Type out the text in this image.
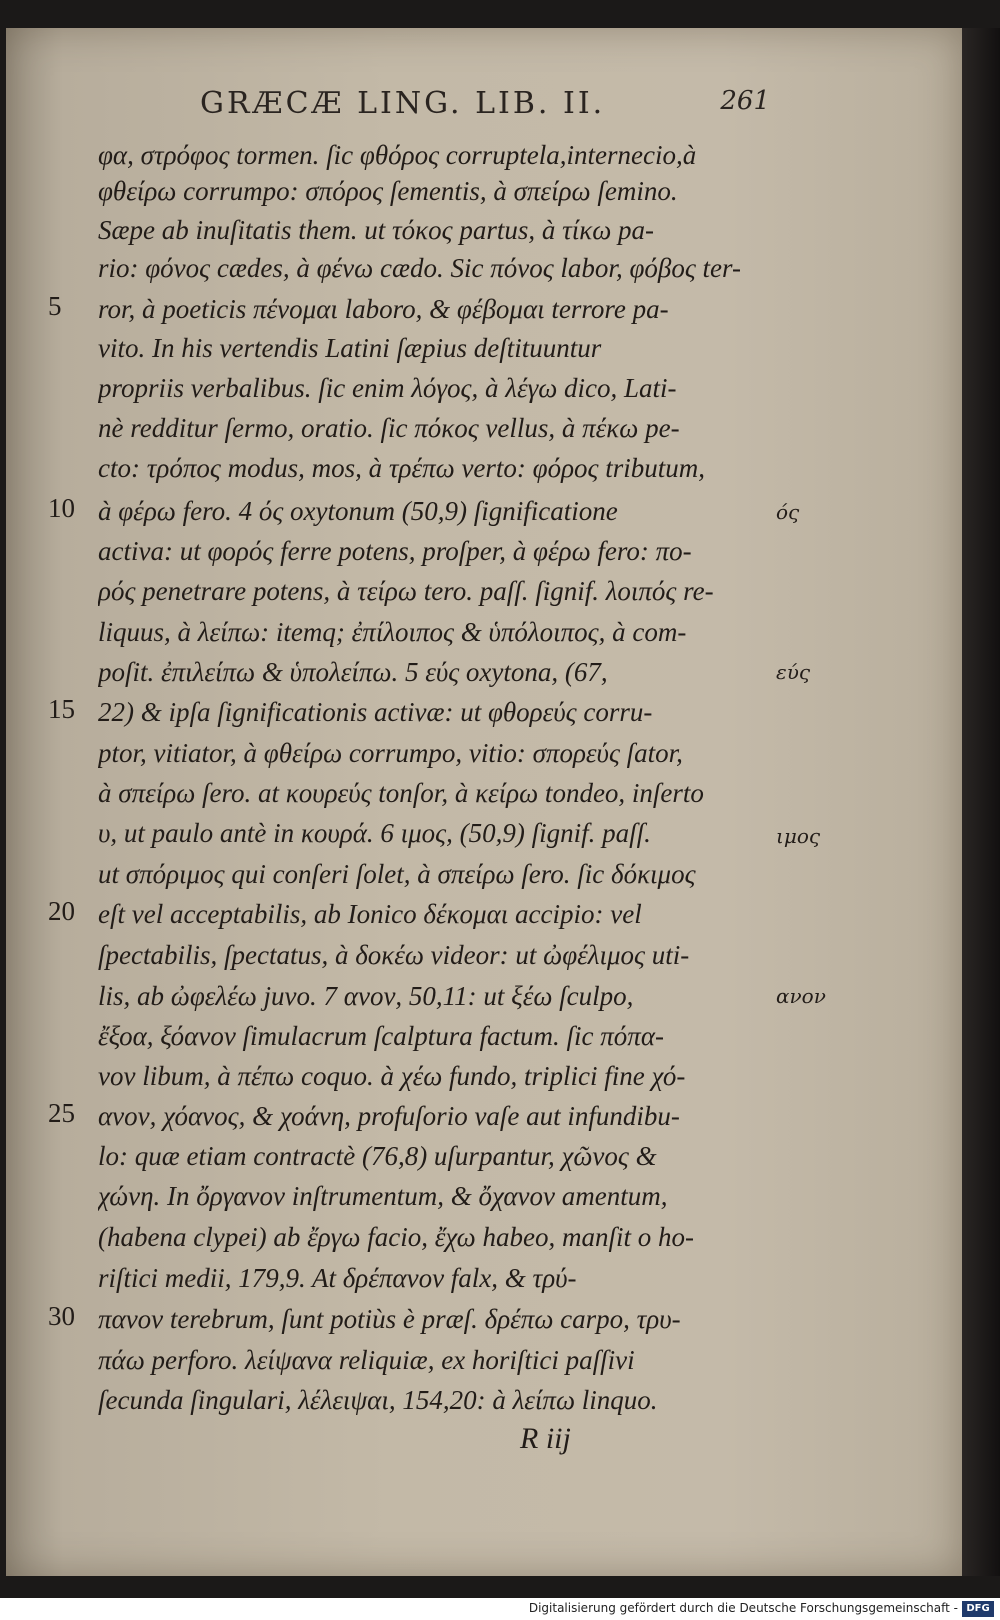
GRÆCÆ LING. LIB. II.	261
φα, στρόφος tormen. ſic φθόρος corruptela,internecio,à
φθείρω corrumpo: σπόρος ſementis, à σπείρω ſemino.
Sæpe ab inuſitatis them. ut τόκος partus, à τίκω pa-
rio: φόνος cædes, à φένω cædo. Sic πόνος labor, φόβος ter-
ror, à poeticis πένομαι laboro, & φέβομαι terrore pa-
vito. In his vertendis Latini ſæpius deſtituuntur
propriis verbalibus. ſic enim λόγος, à λέγω dico, Lati-
nè redditur ſermo, oratio. ſic πόκος vellus, à πέκω pe-
cto: τρόπος modus, mos, à τρέπω verto: φόρος tributum,
à φέρω fero. 4 ός oxytonum (50,9) ſignificatione
activa: ut φορός ferre potens, proſper, à φέρω fero: πο-
ρός penetrare potens, à τείρω tero. paſſ. ſignif. λοιπός re-
liquus, à λείπω: itemq; ἐπίλοιπος & ὑπόλοιπος, à com-
poſit. ἐπιλείπω & ὑπολείπω. 5 εύς oxytona, (67,
22) & ipſa ſignificationis activæ: ut φθορεύς corru-
ptor, vitiator, à φθείρω corrumpo, vitio: σπορεύς ſator,
à σπείρω ſero. at κουρεύς tonſor, à κείρω tondeo, inſerto
υ, ut paulo antè in κουρά. 6 ιμος, (50,9) ſignif. paſſ.
ut σπόριμος qui conſeri ſolet, à σπείρω ſero. ſic δόκιμος
eſt vel acceptabilis, ab Ionico δέκομαι accipio: vel
ſpectabilis, ſpectatus, à δοκέω videor: ut ὠφέλιμος uti-
lis, ab ὠφελέω juvo. 7 ανον, 50,11: ut ξέω ſculpo,
ἔξοα, ξόανον ſimulacrum ſcalptura factum. ſic πόπα-
νον libum, à πέπω coquo. à χέω fundo, triplici fine χό-
ανον, χόανος, & χοάνη, profuſorio vaſe aut infundibu-
lo: quæ etiam contractè (76,8) uſurpantur, χῶνος &
χώνη. In ὄργανον inſtrumentum, & ὄχανον amentum,
(habena clypei) ab ἔργω facio, ἔχω habeo, manſit o ho-
riſtici medii, 179,9. At δρέπανον falx, & τρύ-
πανον terebrum, ſunt potiùs è præſ. δρέπω carpo, τρυ-
πάω perforo. λείψανα reliquiæ, ex horiſtici paſſivi
ſecunda ſingulari, λέλειψαι, 154,20: à λείπω linquo.
5
10
15
20
25
30
ός
εύς
ιμος
ανον
R iij
Digitalisierung gefördert durch die Deutsche Forschungsgemeinschaft - DFG
